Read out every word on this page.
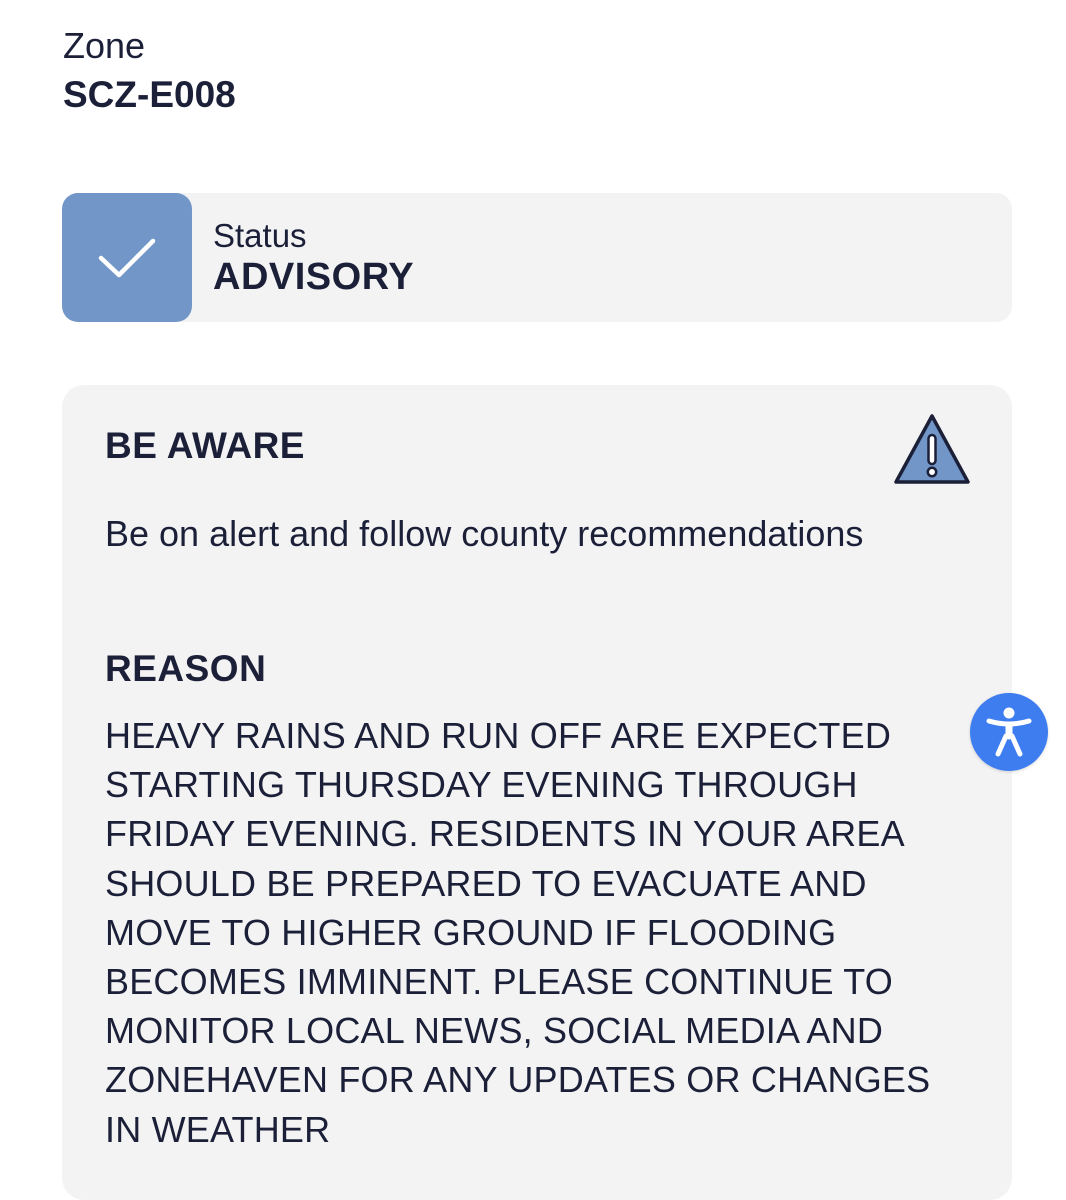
Zone
SCZ-E008
Status
ADVISORY
BE AWARE
Be on alert and follow county recommendations
REASON
HEAVY RAINS AND RUN OFF ARE EXPECTED STARTING THURSDAY EVENING THROUGH FRIDAY EVENING. RESIDENTS IN YOUR AREA SHOULD BE PREPARED TO EVACUATE AND MOVE TO HIGHER GROUND IF FLOODING BECOMES IMMINENT. PLEASE CONTINUE TO MONITOR LOCAL NEWS, SOCIAL MEDIA AND ZONEHAVEN FOR ANY UPDATES OR CHANGES IN WEATHER
